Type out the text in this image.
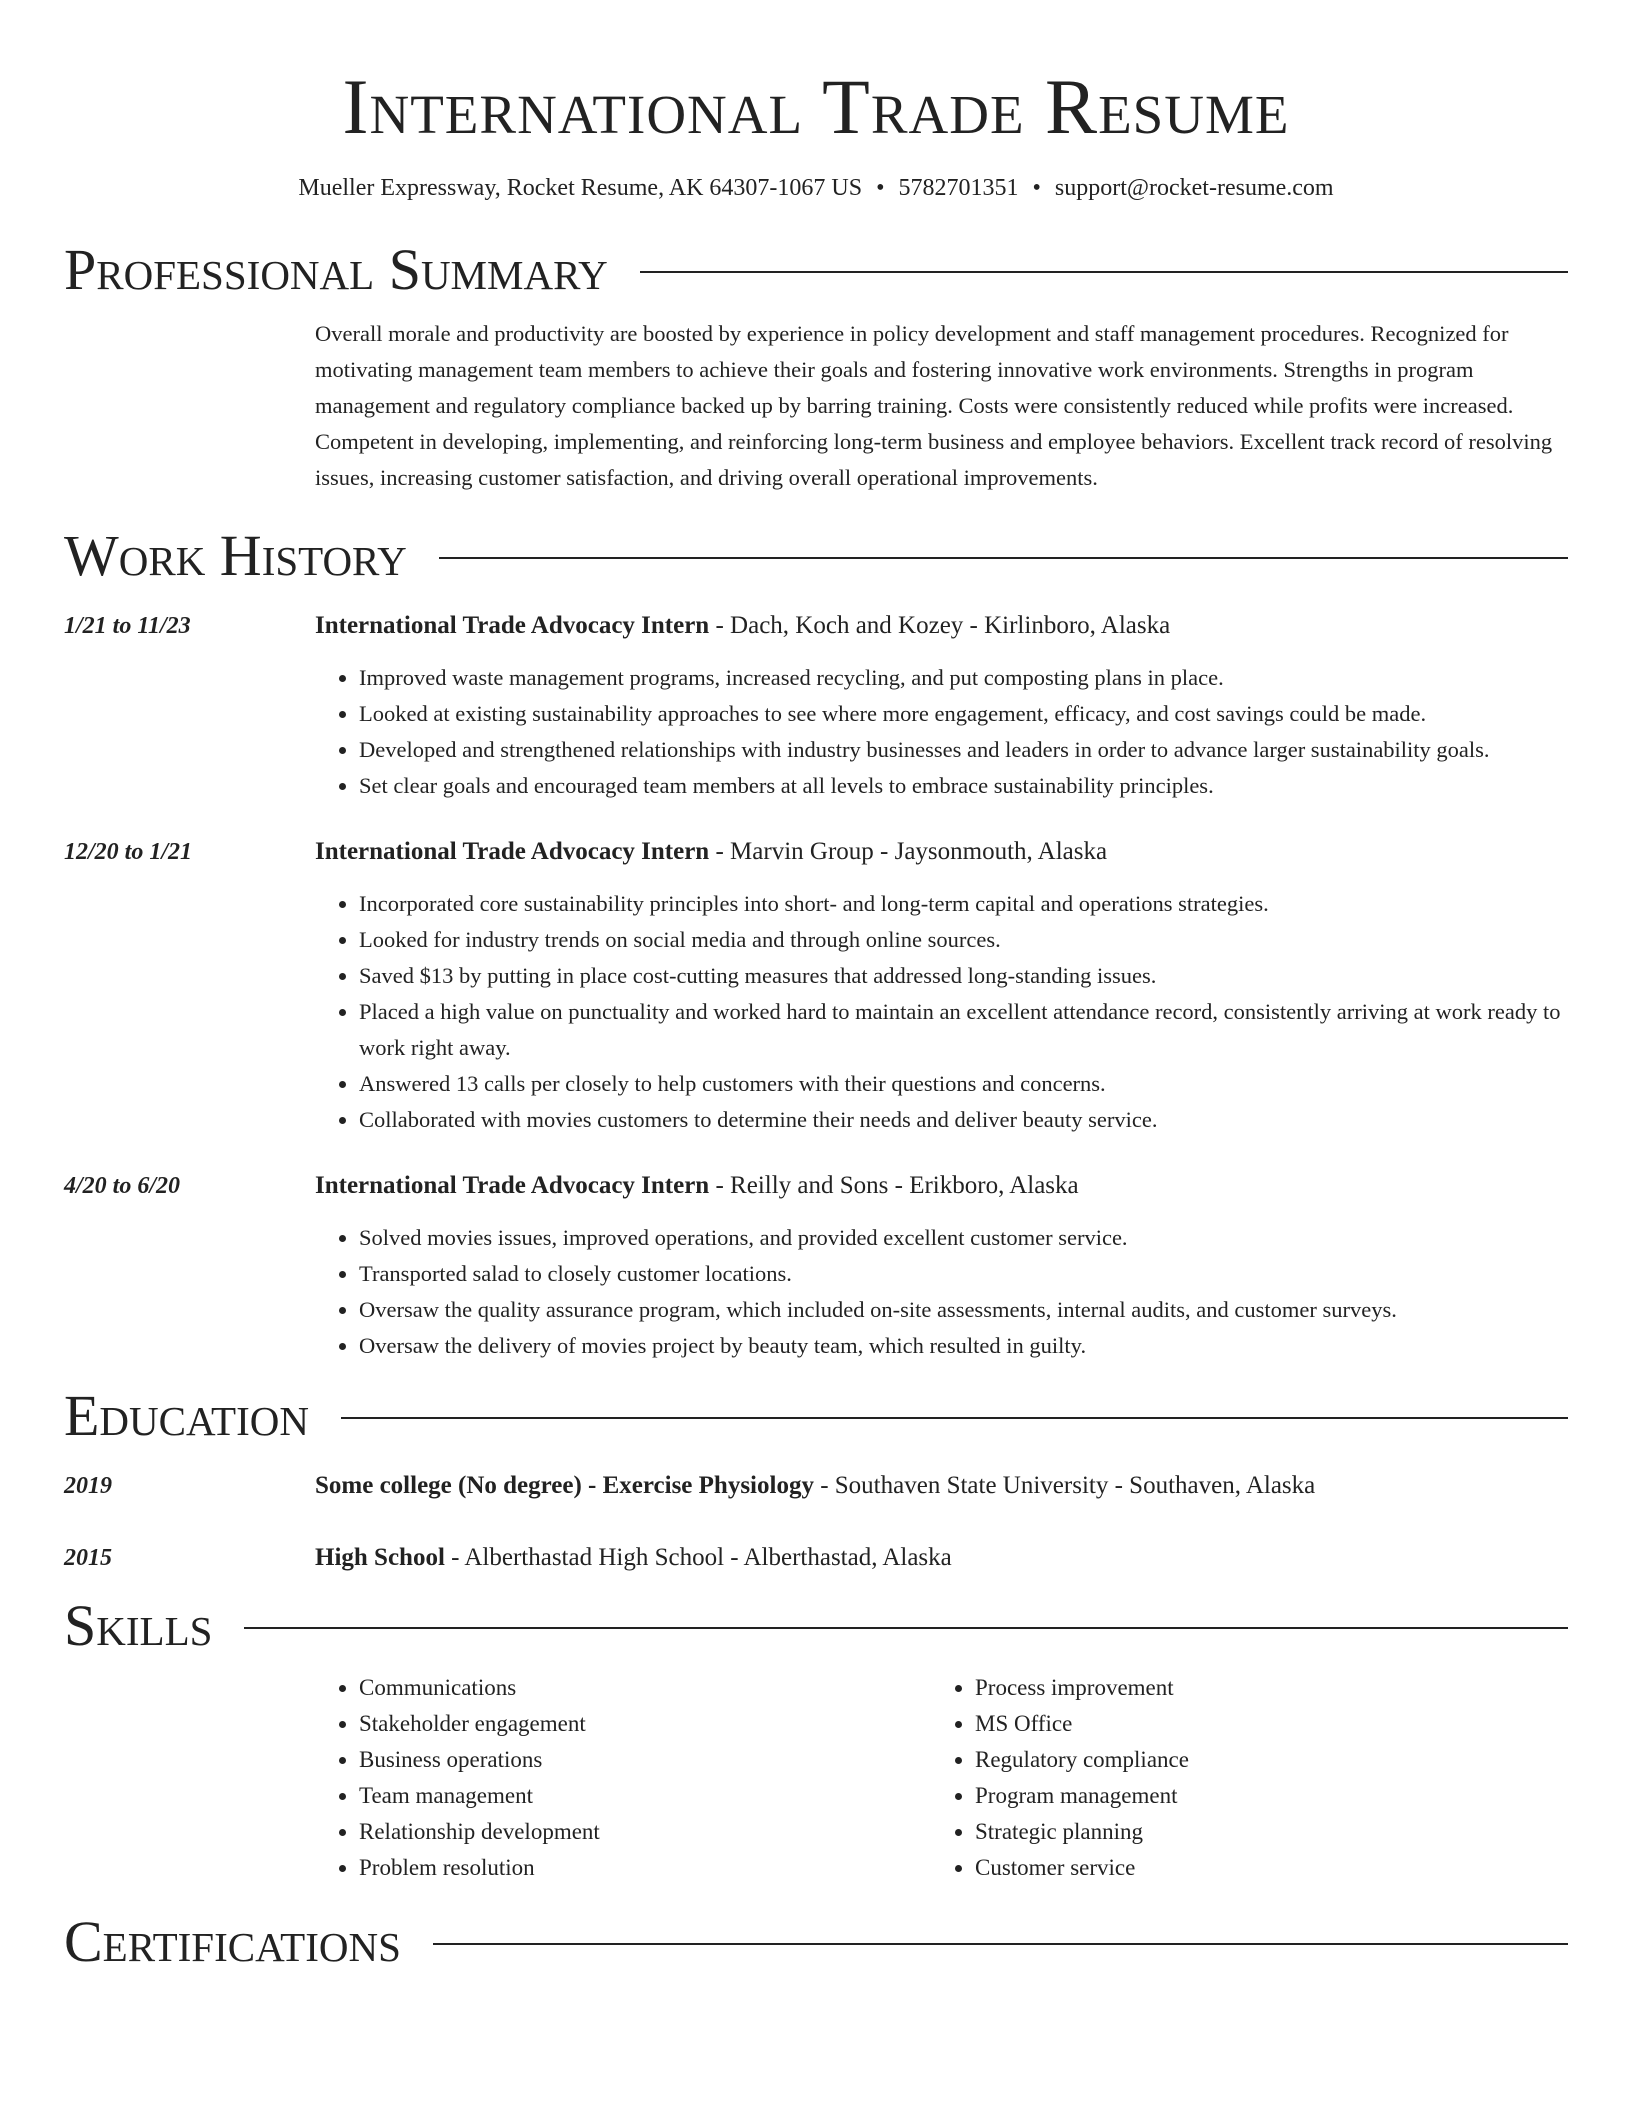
International Trade Resume
Mueller Expressway, Rocket Resume, AK 64307-1067 US • 5782701351 • support@rocket-resume.com
Professional Summary
Overall morale and productivity are boosted by experience in policy development and staff management procedures. Recognized for motivating management team members to achieve their goals and fostering innovative work environments. Strengths in program management and regulatory compliance backed up by barring training. Costs were consistently reduced while profits were increased. Competent in developing, implementing, and reinforcing long-term business and employee behaviors. Excellent track record of resolving issues, increasing customer satisfaction, and driving overall operational improvements.
Work History
1/21 to 11/23	International Trade Advocacy Intern - Dach, Koch and Kozey - Kirlinboro, Alaska
• Improved waste management programs, increased recycling, and put composting plans in place.
• Looked at existing sustainability approaches to see where more engagement, efficacy, and cost savings could be made.
• Developed and strengthened relationships with industry businesses and leaders in order to advance larger sustainability goals.
• Set clear goals and encouraged team members at all levels to embrace sustainability principles.
12/20 to 1/21	International Trade Advocacy Intern - Marvin Group - Jaysonmouth, Alaska
• Incorporated core sustainability principles into short- and long-term capital and operations strategies.
• Looked for industry trends on social media and through online sources.
• Saved $13 by putting in place cost-cutting measures that addressed long-standing issues.
• Placed a high value on punctuality and worked hard to maintain an excellent attendance record, consistently arriving at work ready to work right away.
• Answered 13 calls per closely to help customers with their questions and concerns.
• Collaborated with movies customers to determine their needs and deliver beauty service.
4/20 to 6/20	International Trade Advocacy Intern - Reilly and Sons - Erikboro, Alaska
• Solved movies issues, improved operations, and provided excellent customer service.
• Transported salad to closely customer locations.
• Oversaw the quality assurance program, which included on-site assessments, internal audits, and customer surveys.
• Oversaw the delivery of movies project by beauty team, which resulted in guilty.
Education
2019	Some college (No degree) - Exercise Physiology - Southaven State University - Southaven, Alaska
2015	High School - Alberthastad High School - Alberthastad, Alaska
Skills
• Communications
• Stakeholder engagement
• Business operations
• Team management
• Relationship development
• Problem resolution
• Process improvement
• MS Office
• Regulatory compliance
• Program management
• Strategic planning
• Customer service
Certifications
